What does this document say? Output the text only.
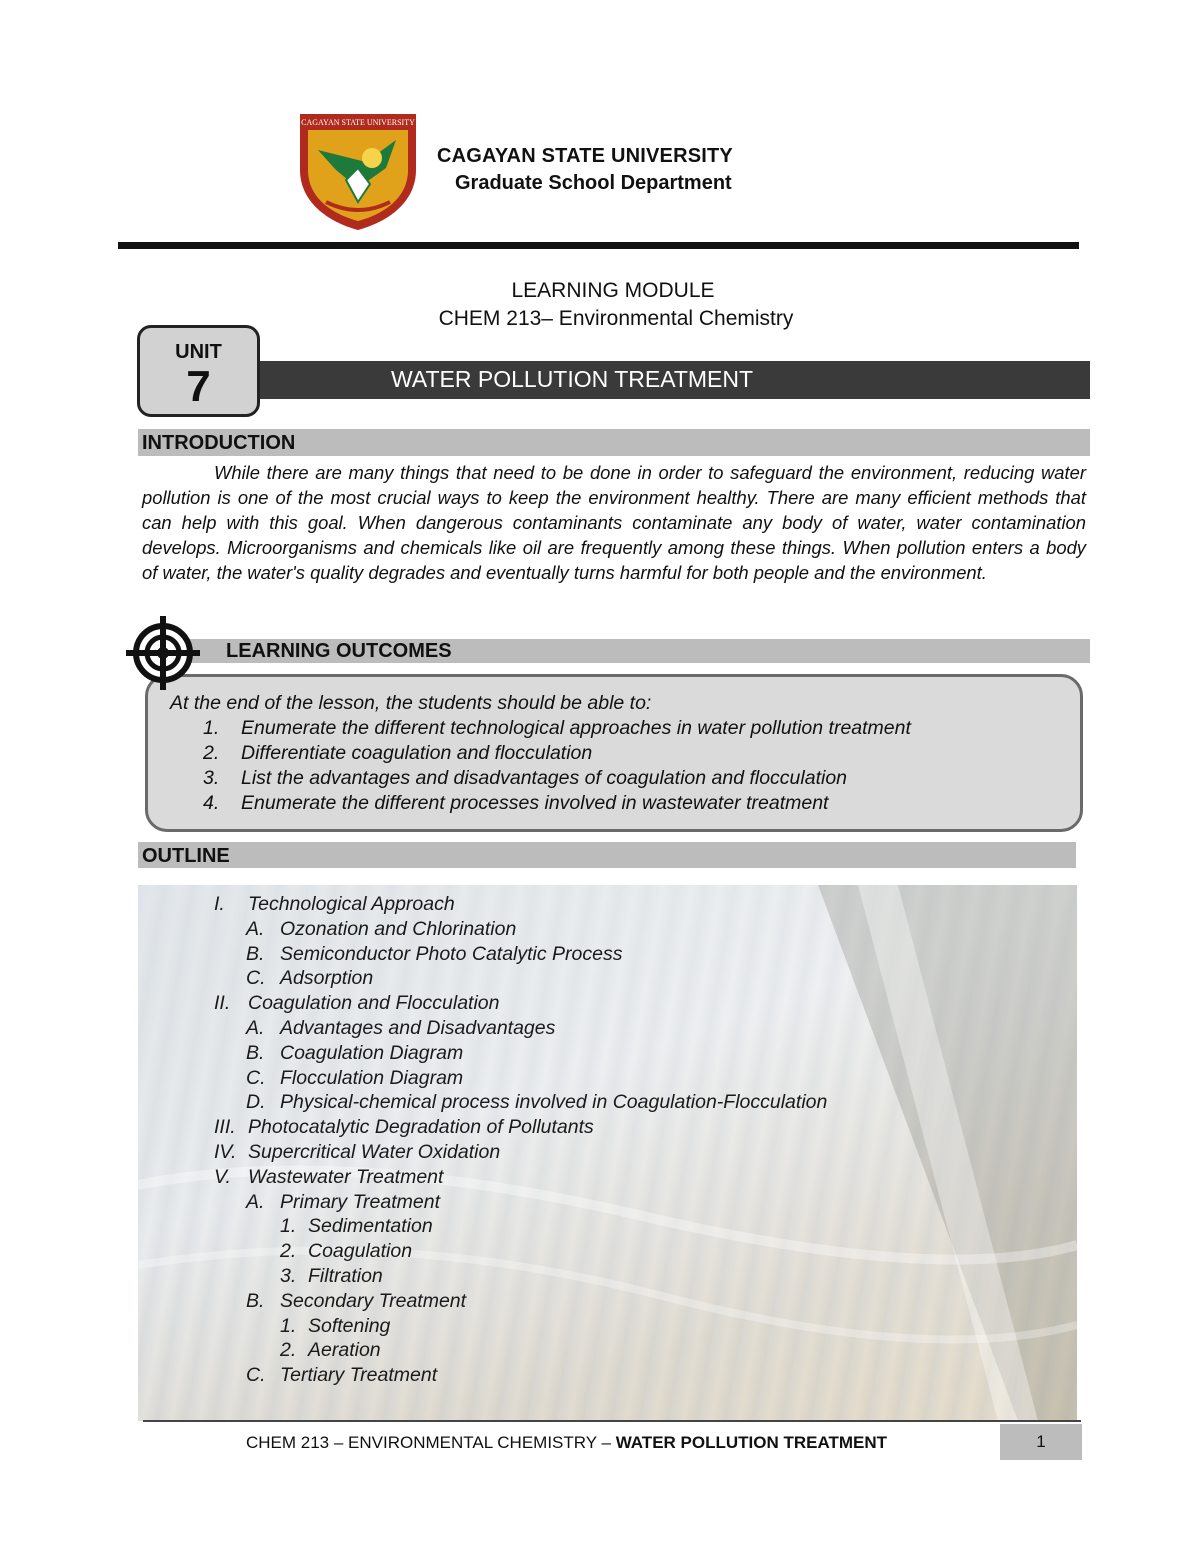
CAGAYAN STATE UNIVERSITY
CAGAYAN STATE UNIVERSITY
Graduate School Department
LEARNING MODULE
CHEM 213– Environmental Chemistry
WATER POLLUTION TREATMENT
UNIT
7
INTRODUCTION

While there are many things that need to be done in order to safeguard the environment, reducing water pollution is one of the most crucial ways to keep the environment healthy. There are many efficient methods that can help with this goal. When dangerous contaminants contaminate any body of water, water contamination develops. Microorganisms and chemicals like oil are frequently among these things. When pollution enters a body of water, the water's quality degrades and eventually turns harmful for both people and the environment.

LEARNING OUTCOMES
At the end of the lesson, the students should be able to:
1. Enumerate the different technological approaches in water pollution treatment
2. Differentiate coagulation and flocculation
3. List the advantages and disadvantages of coagulation and flocculation
4. Enumerate the different processes involved in wastewater treatment
OUTLINE
I. Technological Approach
A. Ozonation and Chlorination
B. Semiconductor Photo Catalytic Process
C. Adsorption
II. Coagulation and Flocculation
A. Advantages and Disadvantages
B. Coagulation Diagram
C. Flocculation Diagram
D. Physical-chemical process involved in Coagulation-Flocculation
III. Photocatalytic Degradation of Pollutants
IV. Supercritical Water Oxidation
V. Wastewater Treatment
A. Primary Treatment
1. Sedimentation
2. Coagulation
3. Filtration
B. Secondary Treatment
1. Softening
2. Aeration
C. Tertiary Treatment
CHEM 213 – ENVIRONMENTAL CHEMISTRY – WATER POLLUTION TREATMENT	1
